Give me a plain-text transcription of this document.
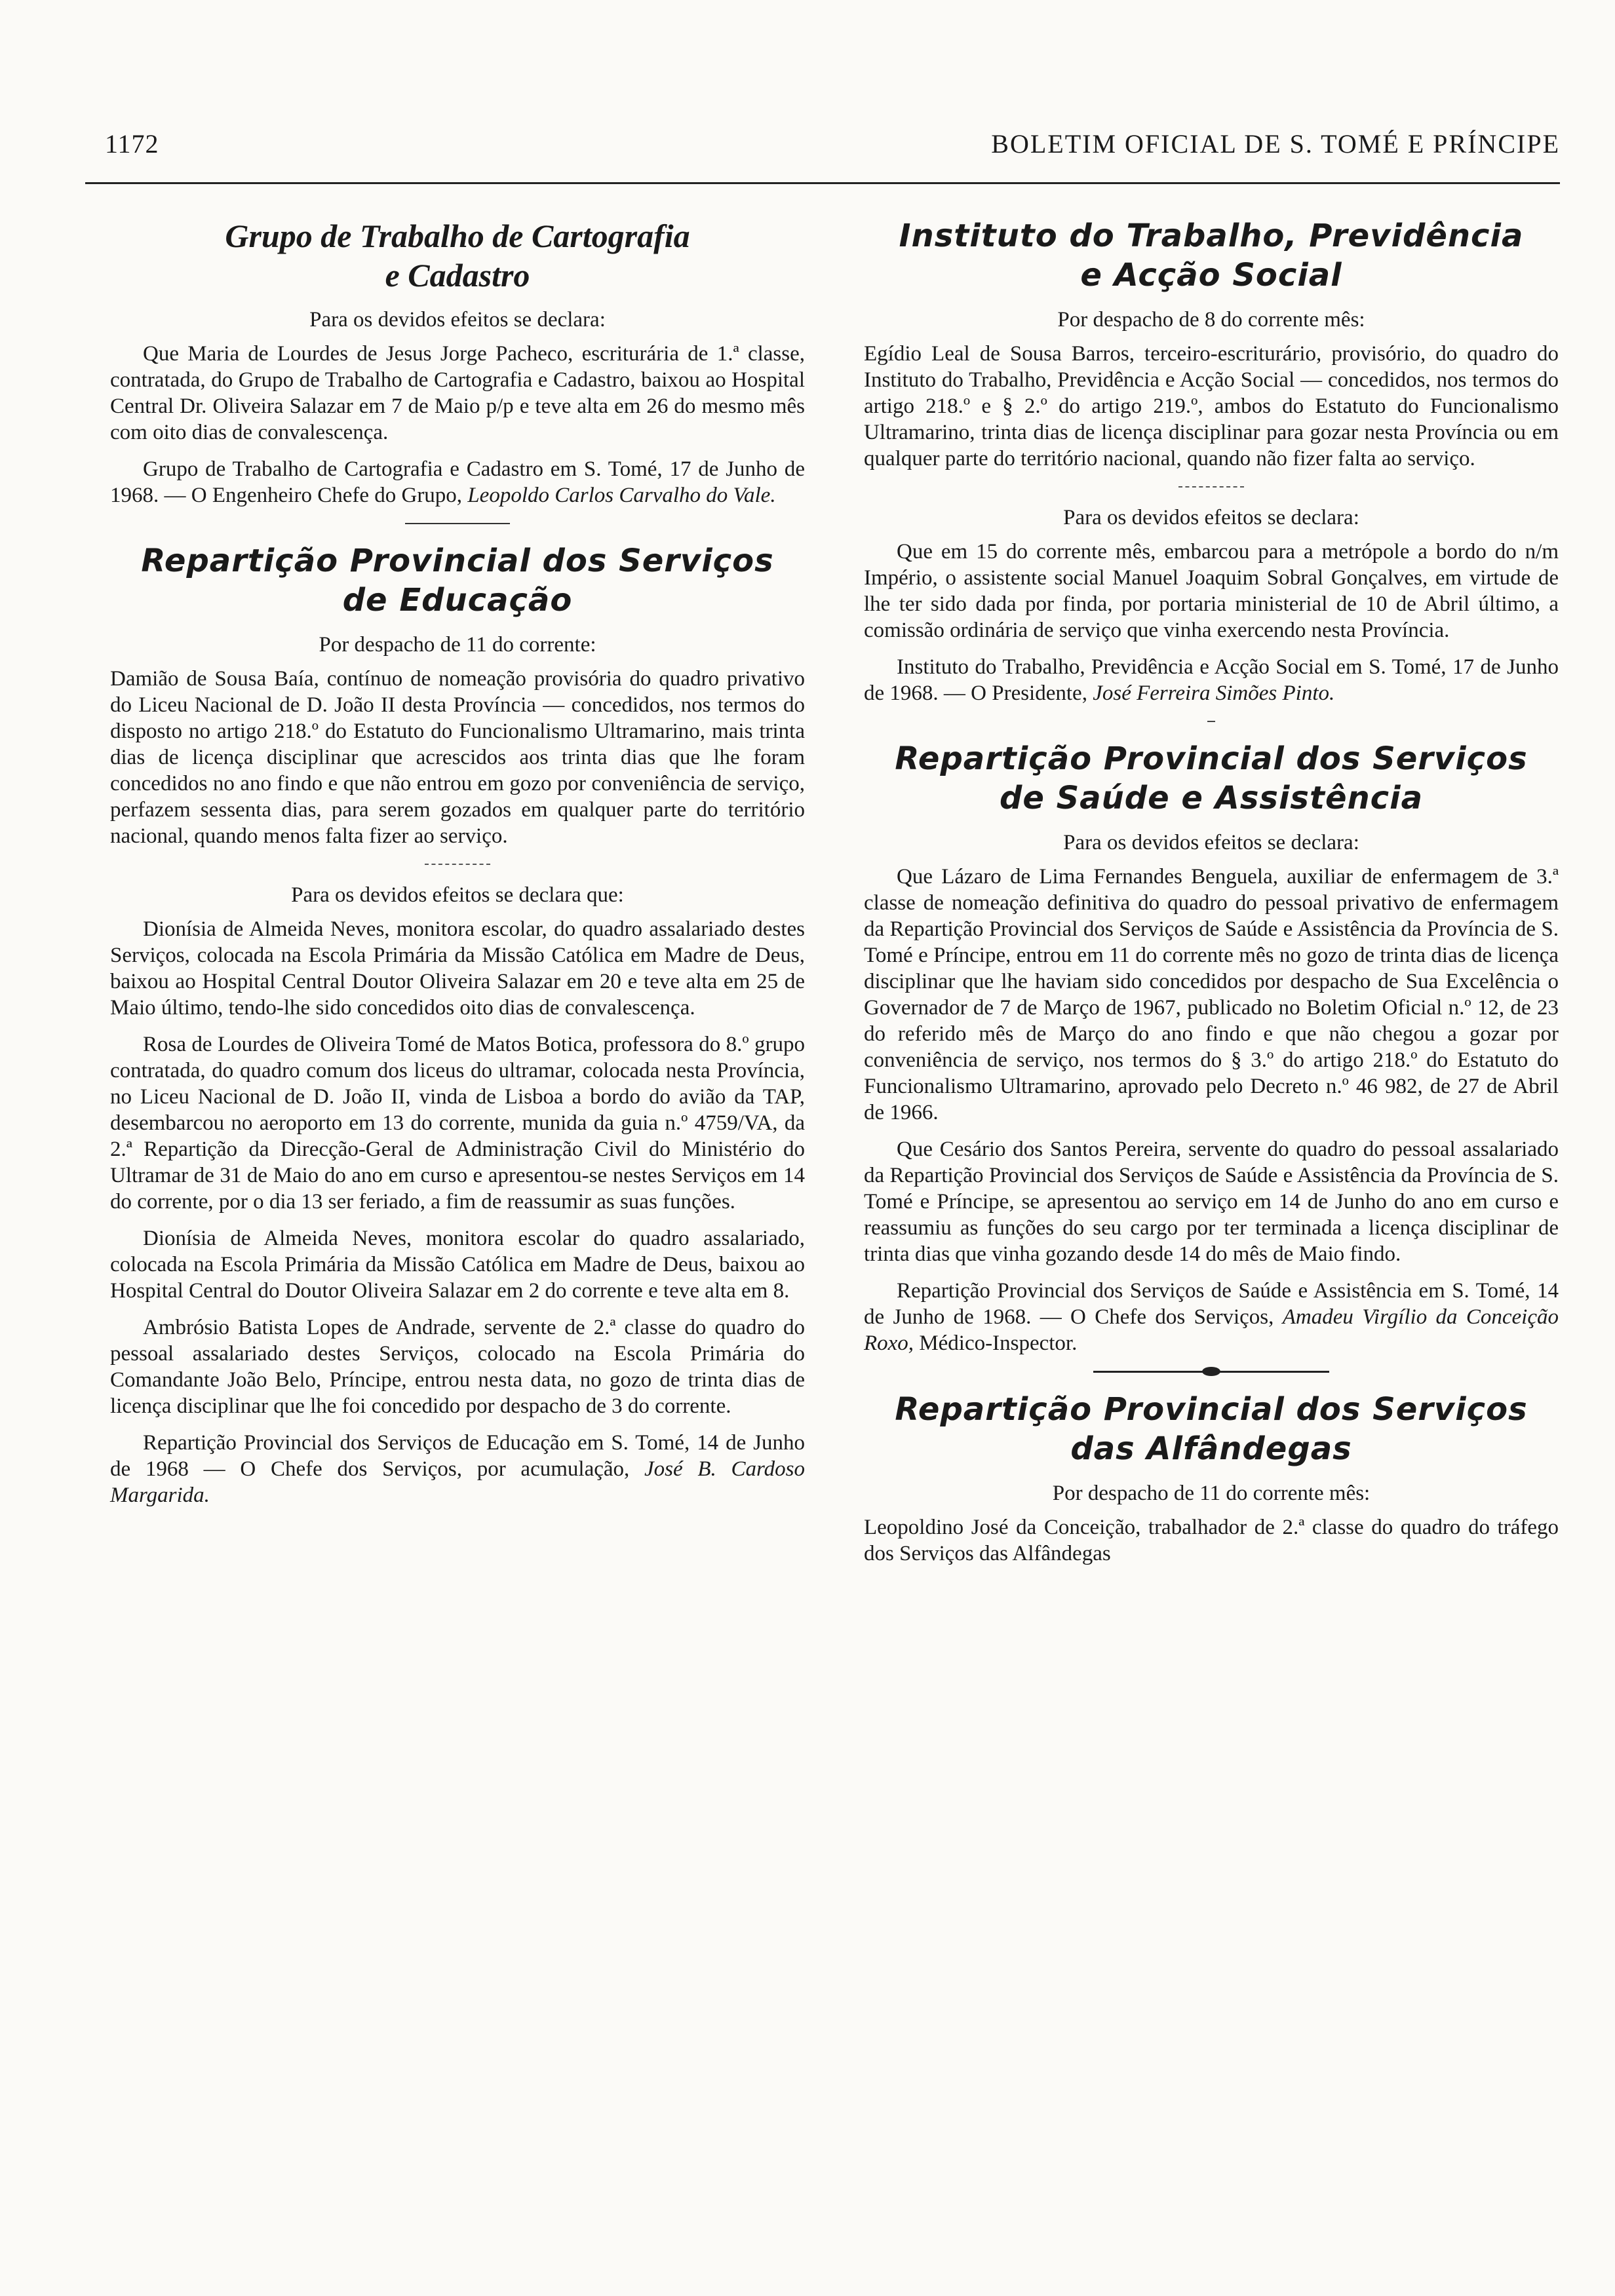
1172	BOLETIM OFICIAL DE S. TOMÉ E PRÍNCIPE
Grupo de Trabalho de Cartografia
e Cadastro
Para os devidos efeitos se declara:

Que Maria de Lourdes de Jesus Jorge Pacheco, escriturária de 1.ª classe, contratada, do Grupo de Trabalho de Cartografia e Cadastro, baixou ao Hospital Central Dr. Oliveira Salazar em 7 de Maio p/p e teve alta em 26 do mesmo mês com oito dias de convalescença.

Grupo de Trabalho de Cartografia e Cadastro em S. Tomé, 17 de Junho de 1968. — O Engenheiro Chefe do Grupo, Leopoldo Carlos Carvalho do Vale.

Repartição Provincial dos Serviços
de Educação
Por despacho de 11 do corrente:

Damião de Sousa Baía, contínuo de nomeação provisória do quadro privativo do Liceu Nacional de D. João II desta Província — concedidos, nos termos do disposto no artigo 218.º do Estatuto do Funcionalismo Ultramarino, mais trinta dias de licença disciplinar que acrescidos aos trinta dias que lhe foram concedidos no ano findo e que não entrou em gozo por conveniência de serviço, perfazem sessenta dias, para serem gozados em qualquer parte do território nacional, quando menos falta fizer ao serviço.

Para os devidos efeitos se declara que:

Dionísia de Almeida Neves, monitora escolar, do quadro assalariado destes Serviços, colocada na Escola Primária da Missão Católica em Madre de Deus, baixou ao Hospital Central Doutor Oliveira Salazar em 20 e teve alta em 25 de Maio último, tendo-lhe sido concedidos oito dias de convalescença.

Rosa de Lourdes de Oliveira Tomé de Matos Botica, professora do 8.º grupo contratada, do quadro comum dos liceus do ultramar, colocada nesta Província, no Liceu Nacional de D. João II, vinda de Lisboa a bordo do avião da TAP, desembarcou no aeroporto em 13 do corrente, munida da guia n.º 4759/VA, da 2.ª Repartição da Direcção-Geral de Administração Civil do Ministério do Ultramar de 31 de Maio do ano em curso e apresentou-se nestes Serviços em 14 do corrente, por o dia 13 ser feriado, a fim de reassumir as suas funções.

Dionísia de Almeida Neves, monitora escolar do quadro assalariado, colocada na Escola Primária da Missão Católica em Madre de Deus, baixou ao Hospital Central do Doutor Oliveira Salazar em 2 do corrente e teve alta em 8.

Ambrósio Batista Lopes de Andrade, servente de 2.ª classe do quadro do pessoal assalariado destes Serviços, colocado na Escola Primária do Comandante João Belo, Príncipe, entrou nesta data, no gozo de trinta dias de licença disciplinar que lhe foi concedido por despacho de 3 do corrente.

Repartição Provincial dos Serviços de Educação em S. Tomé, 14 de Junho de 1968 — O Chefe dos Serviços, por acumulação, José B. Cardoso Margarida.

Instituto do Trabalho, Previdência
e Acção Social
Por despacho de 8 do corrente mês:

Egídio Leal de Sousa Barros, terceiro-escriturário, provisório, do quadro do Instituto do Trabalho, Previdência e Acção Social — concedidos, nos termos do artigo 218.º e § 2.º do artigo 219.º, ambos do Estatuto do Funcionalismo Ultramarino, trinta dias de licença disciplinar para gozar nesta Província ou em qualquer parte do território nacional, quando não fizer falta ao serviço.

Para os devidos efeitos se declara:

Que em 15 do corrente mês, embarcou para a metrópole a bordo do n/m Império, o assistente social Manuel Joaquim Sobral Gonçalves, em virtude de lhe ter sido dada por finda, por portaria ministerial de 10 de Abril último, a comissão ordinária de serviço que vinha exercendo nesta Província.

Instituto do Trabalho, Previdência e Acção Social em S. Tomé, 17 de Junho de 1968. — O Presidente, José Ferreira Simões Pinto.

Repartição Provincial dos Serviços
de Saúde e Assistência
Para os devidos efeitos se declara:

Que Lázaro de Lima Fernandes Benguela, auxiliar de enfermagem de 3.ª classe de nomeação definitiva do quadro do pessoal privativo de enfermagem da Repartição Provincial dos Serviços de Saúde e Assistência da Província de S. Tomé e Príncipe, entrou em 11 do corrente mês no gozo de trinta dias de licença disciplinar que lhe haviam sido concedidos por despacho de Sua Excelência o Governador de 7 de Março de 1967, publicado no Boletim Oficial n.º 12, de 23 do referido mês de Março do ano findo e que não chegou a gozar por conveniência de serviço, nos termos do § 3.º do artigo 218.º do Estatuto do Funcionalismo Ultramarino, aprovado pelo Decreto n.º 46 982, de 27 de Abril de 1966.

Que Cesário dos Santos Pereira, servente do quadro do pessoal assalariado da Repartição Provincial dos Serviços de Saúde e Assistência da Província de S. Tomé e Príncipe, se apresentou ao serviço em 14 de Junho do ano em curso e reassumiu as funções do seu cargo por ter terminada a licença disciplinar de trinta dias que vinha gozando desde 14 do mês de Maio findo.

Repartição Provincial dos Serviços de Saúde e Assistência em S. Tomé, 14 de Junho de 1968. — O Chefe dos Serviços, Amadeu Virgílio da Conceição Roxo, Médico-Inspector.

Repartição Provincial dos Serviços
das Alfândegas
Por despacho de 11 do corrente mês:

Leopoldino José da Conceição, trabalhador de 2.ª classe do quadro do tráfego dos Serviços das Alfândegas
